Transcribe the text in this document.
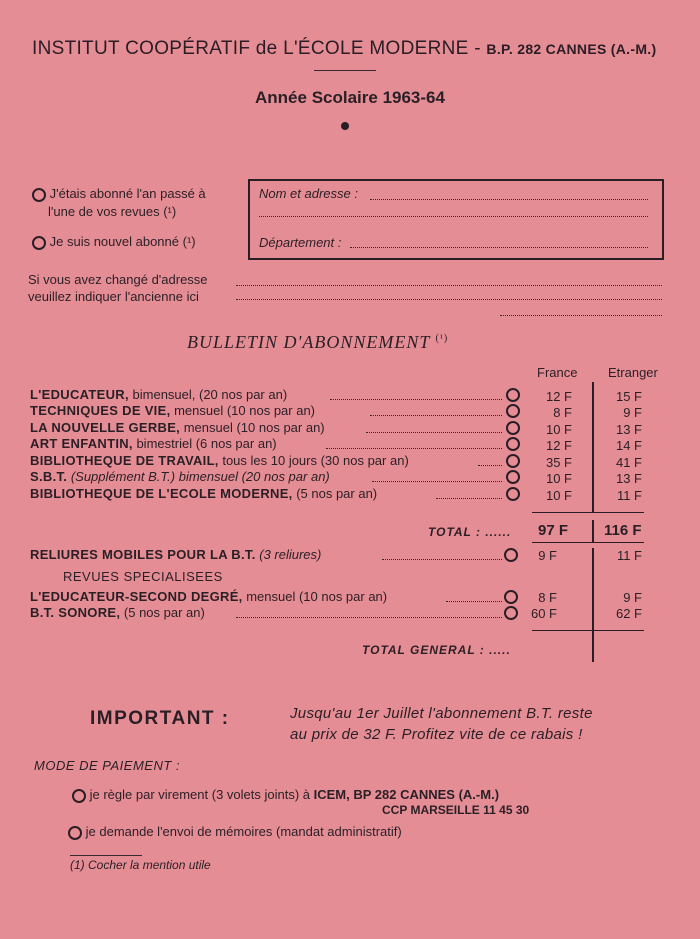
INSTITUT COOPÉRATIF de L'ÉCOLE MODERNE - B.P. 282 CANNES (A.-M.)
Année Scolaire 1963-64
J'étais abonné l'an passé à
l'une de vos revues (¹)
Je suis nouvel abonné (¹)
Nom et adresse :
Département :
Si vous avez changé d'adresse
veuillez indiquer l'ancienne ici
BULLETIN D'ABONNEMENT $^{(^1)}$
France Etranger
L'EDUCATEUR, bimensuel, (20 nos par an)	12 F	15 F
TECHNIQUES DE VIE, mensuel (10 nos par an)	8 F	9 F
LA NOUVELLE GERBE, mensuel (10 nos par an)	10 F	13 F
ART ENFANTIN, bimestriel (6 nos par an)	12 F	14 F
BIBLIOTHEQUE DE TRAVAIL, tous les 10 jours (30 nos par an)	35 F	41 F
S.B.T. (Supplément B.T.) bimensuel (20 nos par an)	10 F	13 F
BIBLIOTHEQUE DE L'ECOLE MODERNE, (5 nos par an)	10 F	11 F
TOTAL : ...... 97 F 116 F
RELIURES MOBILES POUR LA B.T. (3 reliures)	9 F	11 F
REVUES SPECIALISEES
L'EDUCATEUR-SECOND DEGRÉ, mensuel (10 nos par an)	8 F	9 F
B.T. SONORE, (5 nos par an)	60 F	62 F
TOTAL GENERAL : .....
IMPORTANT :	Jusqu'au 1er Juillet l'abonnement B.T. reste
au prix de 32 F. Profitez vite de ce rabais !
MODE DE PAIEMENT :
je règle par virement (3 volets joints) à ICEM, BP 282 CANNES (A.-M.)
CCP MARSEILLE 11 45 30
je demande l'envoi de mémoires (mandat administratif)
(1) Cocher la mention utile
